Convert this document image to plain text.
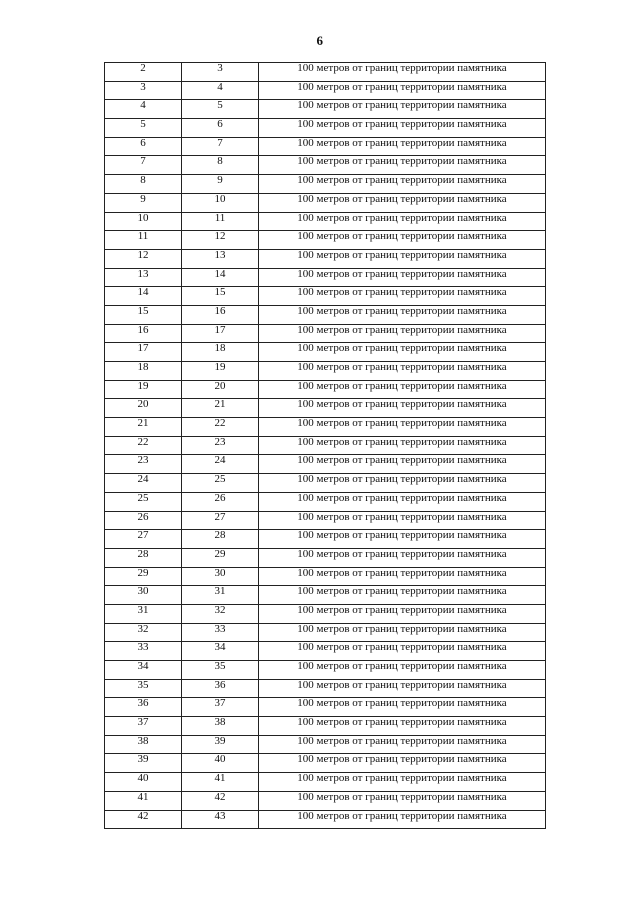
6
2	3	100 метров от границ территории памятника
3	4	100 метров от границ территории памятника
4	5	100 метров от границ территории памятника
5	6	100 метров от границ территории памятника
6	7	100 метров от границ территории памятника
7	8	100 метров от границ территории памятника
8	9	100 метров от границ территории памятника
9	10	100 метров от границ территории памятника
10	11	100 метров от границ территории памятника
11	12	100 метров от границ территории памятника
12	13	100 метров от границ территории памятника
13	14	100 метров от границ территории памятника
14	15	100 метров от границ территории памятника
15	16	100 метров от границ территории памятника
16	17	100 метров от границ территории памятника
17	18	100 метров от границ территории памятника
18	19	100 метров от границ территории памятника
19	20	100 метров от границ территории памятника
20	21	100 метров от границ территории памятника
21	22	100 метров от границ территории памятника
22	23	100 метров от границ территории памятника
23	24	100 метров от границ территории памятника
24	25	100 метров от границ территории памятника
25	26	100 метров от границ территории памятника
26	27	100 метров от границ территории памятника
27	28	100 метров от границ территории памятника
28	29	100 метров от границ территории памятника
29	30	100 метров от границ территории памятника
30	31	100 метров от границ территории памятника
31	32	100 метров от границ территории памятника
32	33	100 метров от границ территории памятника
33	34	100 метров от границ территории памятника
34	35	100 метров от границ территории памятника
35	36	100 метров от границ территории памятника
36	37	100 метров от границ территории памятника
37	38	100 метров от границ территории памятника
38	39	100 метров от границ территории памятника
39	40	100 метров от границ территории памятника
40	41	100 метров от границ территории памятника
41	42	100 метров от границ территории памятника
42	43	100 метров от границ территории памятника
